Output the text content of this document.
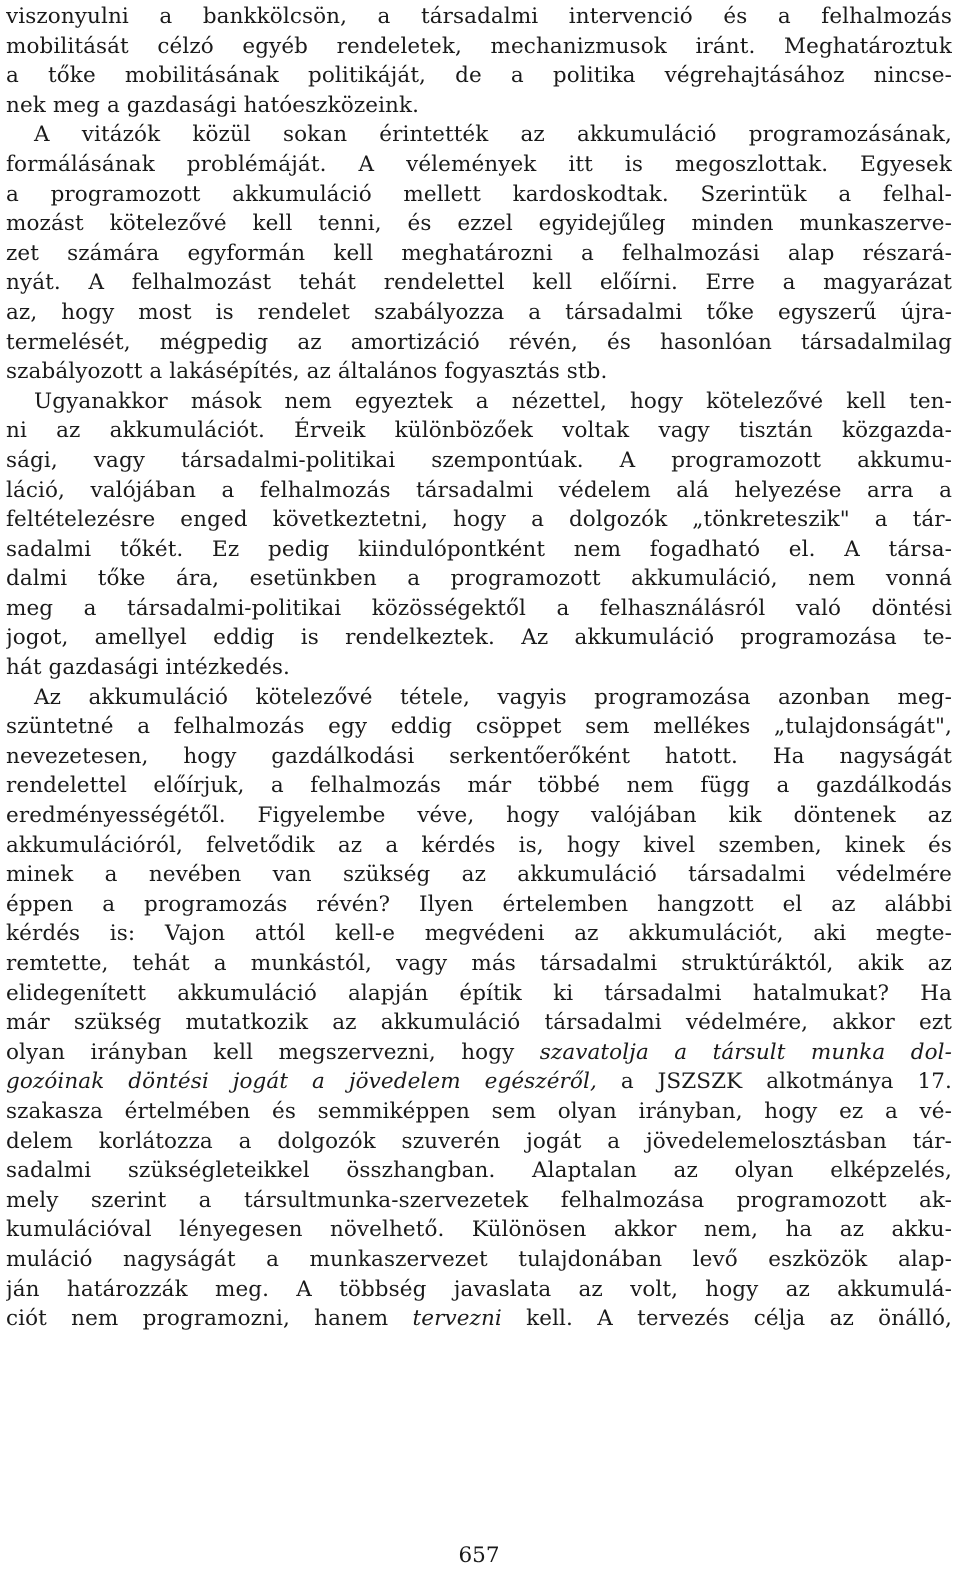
viszonyulni a bankkölcsön, a társadalmi intervenció és a felhalmozás
mobilitását célzó egyéb rendeletek, mechanizmusok iránt. Meghatároztuk
a tőke mobilitásának politikáját, de a politika végrehajtásához nincse-
nek meg a gazdasági hatóeszközeink.
A vitázók közül sokan érintették az akkumuláció programozásának,
formálásának problémáját. A vélemények itt is megoszlottak. Egyesek
a programozott akkumuláció mellett kardoskodtak. Szerintük a felhal-
mozást kötelezővé kell tenni, és ezzel egyidejűleg minden munkaszerve-
zet számára egyformán kell meghatározni a felhalmozási alap részará-
nyát. A felhalmozást tehát rendelettel kell előírni. Erre a magyarázat
az, hogy most is rendelet szabályozza a társadalmi tőke egyszerű újra-
termelését, mégpedig az amortizáció révén, és hasonlóan társadalmilag
szabályozott a lakásépítés, az általános fogyasztás stb.
Ugyanakkor mások nem egyeztek a nézettel, hogy kötelezővé kell ten-
ni az akkumulációt. Érveik különbözőek voltak vagy tisztán közgazda-
sági, vagy társadalmi-politikai szempontúak. A programozott akkumu-
láció, valójában a felhalmozás társadalmi védelem alá helyezése arra a
feltételezésre enged következtetni, hogy a dolgozók „tönkreteszik" a tár-
sadalmi tőkét. Ez pedig kiindulópontként nem fogadható el. A társa-
dalmi tőke ára, esetünkben a programozott akkumuláció, nem vonná
meg a társadalmi-politikai közösségektől a felhasználásról való döntési
jogot, amellyel eddig is rendelkeztek. Az akkumuláció programozása te-
hát gazdasági intézkedés.
Az akkumuláció kötelezővé tétele, vagyis programozása azonban meg-
szüntetné a felhalmozás egy eddig csöppet sem mellékes „tulajdonságát",
nevezetesen, hogy gazdálkodási serkentőerőként hatott. Ha nagyságát
rendelettel előírjuk, a felhalmozás már többé nem függ a gazdálkodás
eredményességétől. Figyelembe véve, hogy valójában kik döntenek az
akkumulációról, felvetődik az a kérdés is, hogy kivel szemben, kinek és
minek a nevében van szükség az akkumuláció társadalmi védelmére
éppen a programozás révén? Ilyen értelemben hangzott el az alábbi
kérdés is: Vajon attól kell-e megvédeni az akkumulációt, aki megte-
remtette, tehát a munkástól, vagy más társadalmi struktúráktól, akik az
elidegenített akkumuláció alapján építik ki társadalmi hatalmukat? Ha
már szükség mutatkozik az akkumuláció társadalmi védelmére, akkor ezt
olyan irányban kell megszervezni, hogy szavatolja a társult munka dol-
gozóinak döntési jogát a jövedelem egészéről, a JSZSZK alkotmánya 17.
szakasza értelmében és semmiképpen sem olyan irányban, hogy ez a vé-
delem korlátozza a dolgozók szuverén jogát a jövedelemelosztásban tár-
sadalmi szükségleteikkel összhangban. Alaptalan az olyan elképzelés,
mely szerint a társultmunka-szervezetek felhalmozása programozott ak-
kumulációval lényegesen növelhető. Különösen akkor nem, ha az akku-
muláció nagyságát a munkaszervezet tulajdonában levő eszközök alap-
ján határozzák meg. A többség javaslata az volt, hogy az akkumulá-
ciót nem programozni, hanem tervezni kell. A tervezés célja az önálló,
657
